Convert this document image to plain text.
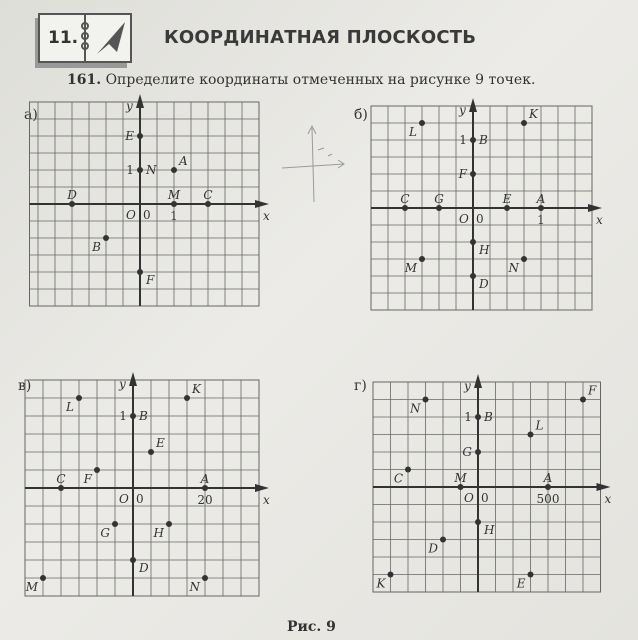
11.	КООРДИНАТНАЯ ПЛОСКОСТЬ
161. Определите координаты отмеченных на рисунке 9 точек.
а)	б)
в)	г)
x
y
O 0 1
1
E
N
A
M C
D
B
F
x
y
O 0	1
1
L
K
B
F
C G	E A
H
M	N
D
x
y
O 0	20
1
L
K
B
E
F
C	A
G	H
D
M	N
x
y
O 0	500
1
N
F
B
L
G
C	M	A
H
D
K	E
Рис. 9
